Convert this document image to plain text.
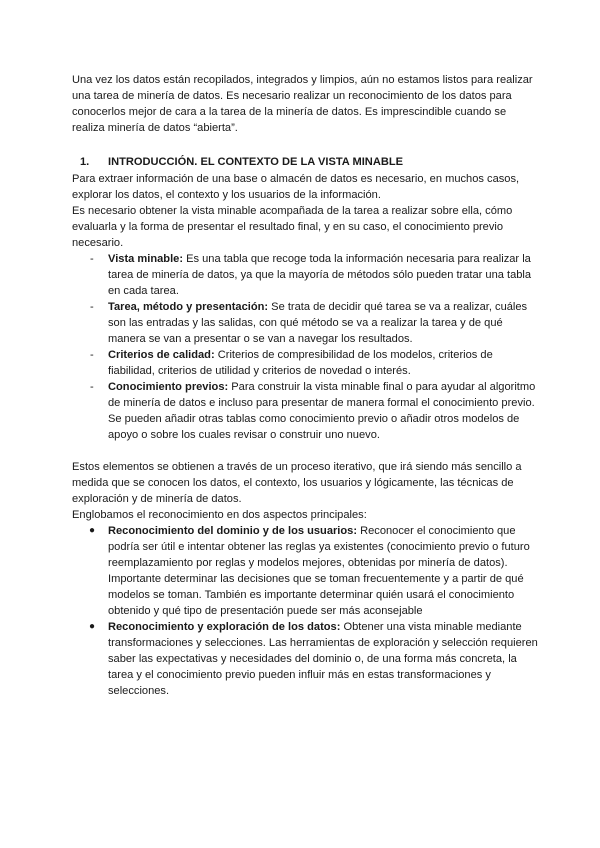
Una vez los datos están recopilados, integrados y limpios, aún no estamos listos para realizar una tarea de minería de datos. Es necesario realizar un reconocimiento de los datos para conocerlos mejor de cara a la tarea de la minería de datos. Es imprescindible cuando se realiza minería de datos “abierta”.

1.	INTRODUCCIÓN. EL CONTEXTO DE LA VISTA MINABLE

Para extraer información de una base o almacén de datos es necesario, en muchos casos, explorar los datos, el contexto y los usuarios de la información.

Es necesario obtener la vista minable acompañada de la tarea a realizar sobre ella, cómo evaluarla y la forma de presentar el resultado final, y en su caso, el conocimiento previo necesario.

- Vista minable: Es una tabla que recoge toda la información necesaria para realizar la tarea de minería de datos, ya que la mayoría de métodos sólo pueden tratar una tabla en cada tarea.
- Tarea, método y presentación: Se trata de decidir qué tarea se va a realizar, cuáles son las entradas y las salidas, con qué método se va a realizar la tarea y de qué manera se van a presentar o se van a navegar los resultados.
- Criterios de calidad: Criterios de compresibilidad de los modelos, criterios de fiabilidad, criterios de utilidad y criterios de novedad o interés.
- Conocimiento previos: Para construir la vista minable final o para ayudar al algoritmo de minería de datos e incluso para presentar de manera formal el conocimiento previo. Se pueden añadir otras tablas como conocimiento previo o añadir otros modelos de apoyo o sobre los cuales revisar o construir uno nuevo.

Estos elementos se obtienen a través de un proceso iterativo, que irá siendo más sencillo a medida que se conocen los datos, el contexto, los usuarios y lógicamente, las técnicas de exploración y de minería de datos.

Englobamos el reconocimiento en dos aspectos principales:

● Reconocimiento del dominio y de los usuarios: Reconocer el conocimiento que podría ser útil e intentar obtener las reglas ya existentes (conocimiento previo o futuro reemplazamiento por reglas y modelos mejores, obtenidas por minería de datos). Importante determinar las decisiones que se toman frecuentemente y a partir de qué modelos se toman. También es importante determinar quién usará el conocimiento obtenido y qué tipo de presentación puede ser más aconsejable
● Reconocimiento y exploración de los datos: Obtener una vista minable mediante transformaciones y selecciones. Las herramientas de exploración y selección requieren saber las expectativas y necesidades del dominio o, de una forma más concreta, la tarea y el conocimiento previo pueden influir más en estas transformaciones y selecciones.
